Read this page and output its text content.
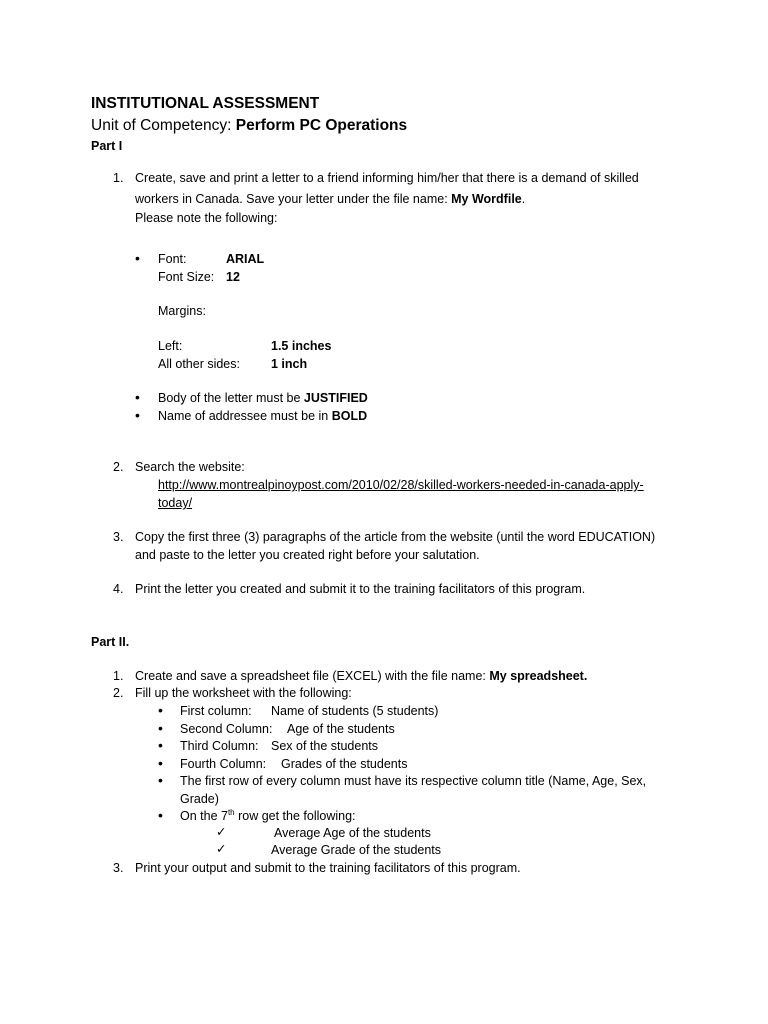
INSTITUTIONAL ASSESSMENT
Unit of Competency: Perform PC Operations
Part I
1. Create, save and print a letter to a friend informing him/her that there is a demand of skilled
workers in Canada. Save your letter under the file name: My Wordfile.
Please note the following:
• Font:	ARIAL
Font Size: 12
Margins:
Left:	1.5 inches
All other sides: 1 inch
• Body of the letter must be JUSTIFIED
• Name of addressee must be in BOLD
2. Search the website:
http://www.montrealpinoypost.com/2010/02/28/skilled-workers-needed-in-canada-apply-
today/
3. Copy the first three (3) paragraphs of the article from the website (until the word EDUCATION)
and paste to the letter you created right before your salutation.
4. Print the letter you created and submit it to the training facilitators of this program.
Part II.
1. Create and save a spreadsheet file (EXCEL) with the file name: My spreadsheet.
2. Fill up the worksheet with the following:
• First column: Name of students (5 students)
• Second Column: Age of the students
• Third Column: Sex of the students
• Fourth Column: Grades of the students
• The first row of every column must have its respective column title (Name, Age, Sex,
Grade)
• On the 7th row get the following:
✓	Average Age of the students
✓	Average Grade of the students
3. Print your output and submit to the training facilitators of this program.
